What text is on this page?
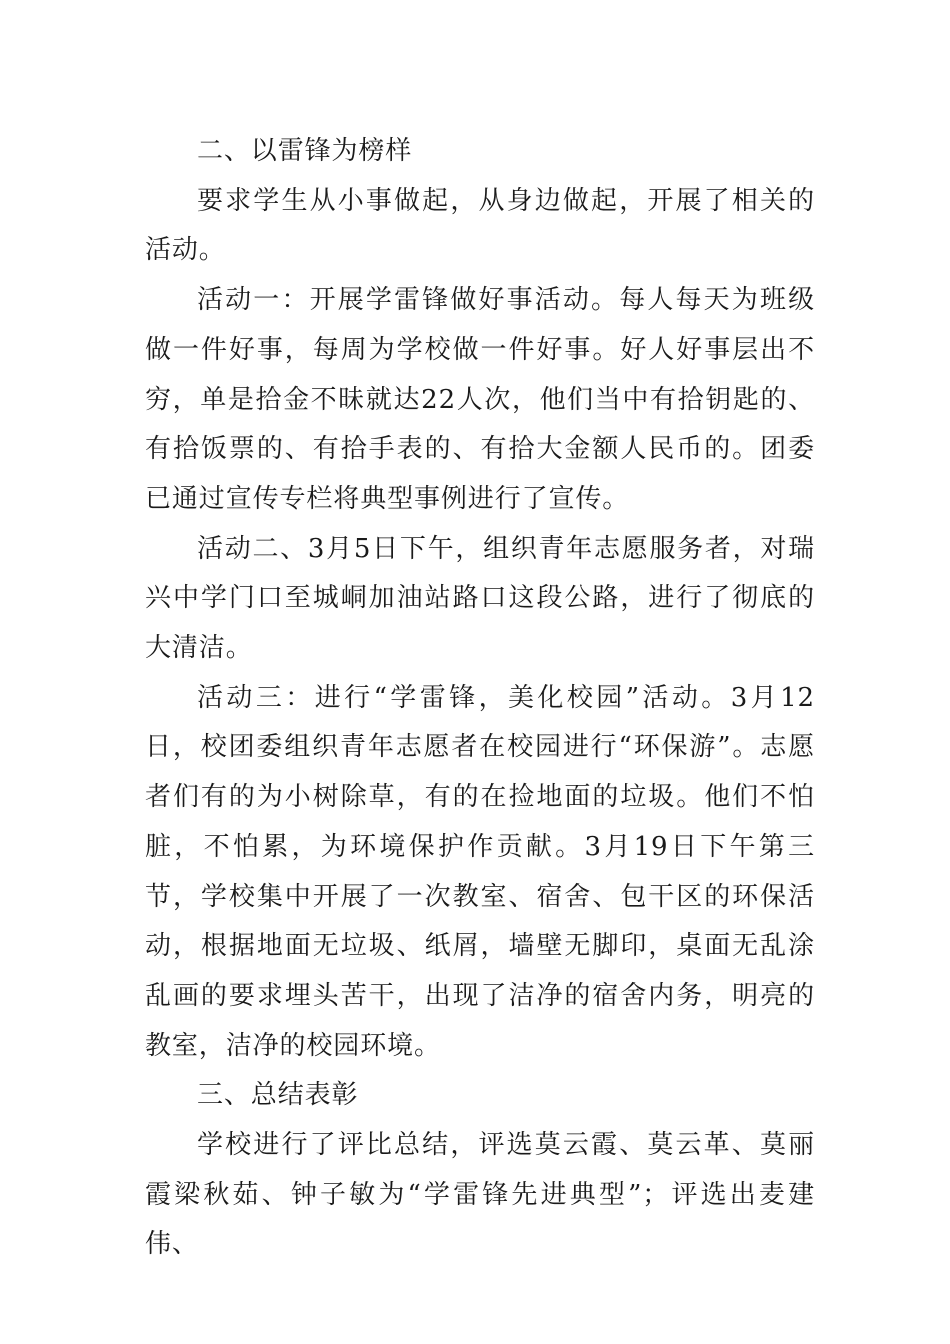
二、以雷锋为榜样

要求学生从小事做起，从身边做起，开展了相关的活动。

活动一：开展学雷锋做好事活动。每人每天为班级做一件好事，每周为学校做一件好事。好人好事层出不穷，单是拾金不昧就达22人次，他们当中有拾钥匙的、有拾饭票的、有拾手表的、有拾大金额人民币的。团委已通过宣传专栏将典型事例进行了宣传。

活动二、3月5日下午，组织青年志愿服务者，对瑞兴中学门口至城峒加油站路口这段公路，进行了彻底的大清洁。

活动三：进行“学雷锋，美化校园”活动。3月12日，校团委组织青年志愿者在校园进行“环保游”。志愿者们有的为小树除草，有的在捡地面的垃圾。他们不怕脏，不怕累，为环境保护作贡献。3月19日下午第三节，学校集中开展了一次教室、宿舍、包干区的环保活动，根据地面无垃圾、纸屑，墙壁无脚印，桌面无乱涂乱画的要求埋头苦干，出现了洁净的宿舍内务，明亮的教室，洁净的校园环境。

三、总结表彰

学校进行了评比总结，评选莫云霞、莫云革、莫丽霞梁秋茹、钟子敏为“学雷锋先进典型”；评选出麦建伟、
